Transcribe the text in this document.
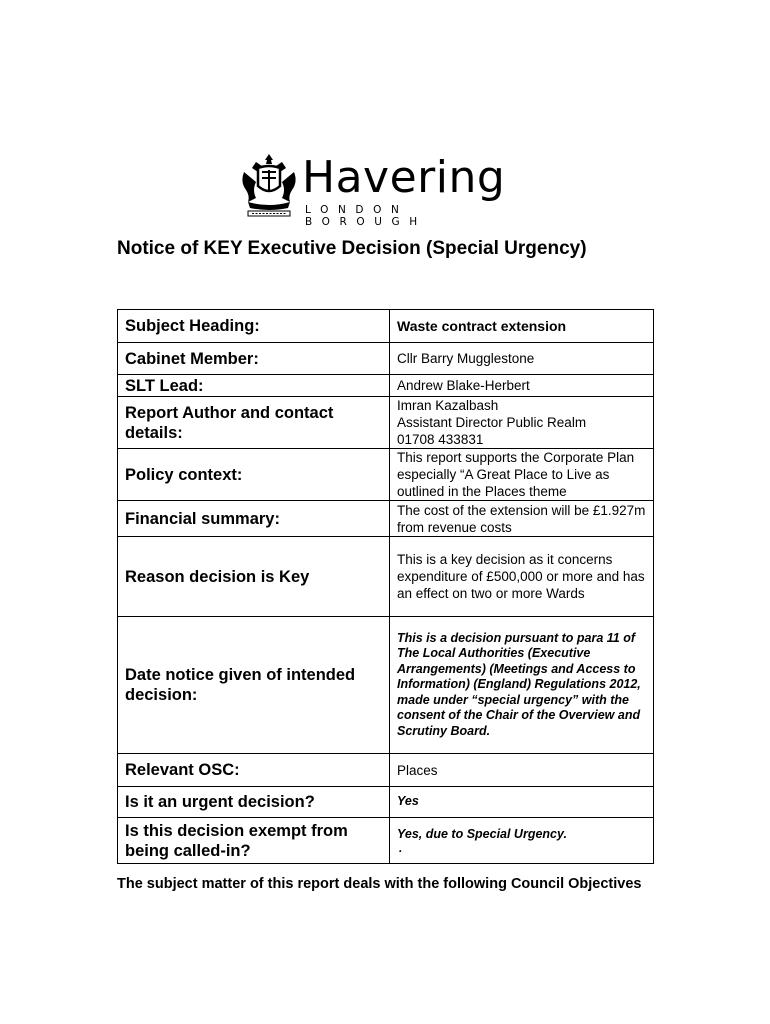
Havering
LONDON BOROUGH
Notice of KEY Executive Decision (Special Urgency)
Subject Heading:	Waste contract extension
Cabinet Member:	Cllr Barry Mugglestone
SLT Lead:	Andrew Blake-Herbert
Report Author and contact details:	Imran Kazalbash
Assistant Director Public Realm
01708 433831

Policy context:	This report supports the Corporate Plan especially “A Great Place to Live as outlined in the Places theme
Financial summary:	The cost of the extension will be £1.927m from revenue costs
Reason decision is Key	This is a key decision as it concerns expenditure of £500,000 or more and has an effect on two or more Wards
Date notice given of intended decision:	This is a decision pursuant to para 11 of The Local Authorities (Executive Arrangements) (Meetings and Access to Information) (England) Regulations 2012, made under “special urgency” with the consent of the Chair of the Overview and Scrutiny Board.
Relevant OSC:	Places
Is it an urgent decision?	Yes
Is this decision exempt from being called-in?	Yes, due to Special Urgency.
.

The subject matter of this report deals with the following Council Objectives
